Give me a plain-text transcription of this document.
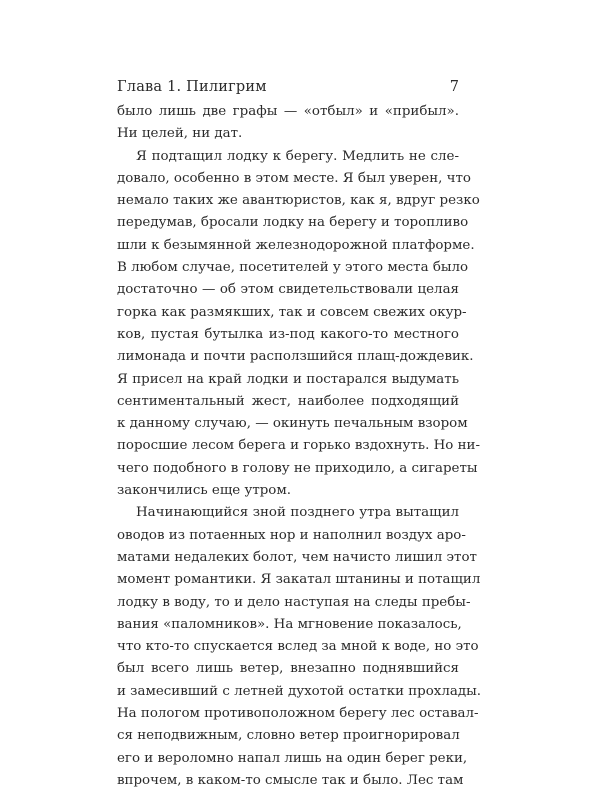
Глава 1. Пилигрим	7

было лишь две графы — «отбыл» и «прибыл».
Ни целей, ни дат.

Я подтащил лодку к берегу. Медлить не сле-
довало, особенно в этом месте. Я был уверен, что
немало таких же авантюристов, как я, вдруг резко
передумав, бросали лодку на берегу и торопливо
шли к безымянной железнодорожной платформе.
В любом случае, посетителей у этого места было
достаточно — об этом свидетельствовали целая
горка как размякших, так и совсем свежих окур-
ков, пустая бутылка из-под какого-то местного
лимонада и почти расползшийся плащ-дождевик.
Я присел на край лодки и постарался выдумать
сентиментальный жест, наиболее подходящий
к данному случаю, — окинуть печальным взором
поросшие лесом берега и горько вздохнуть. Но ни-
чего подобного в голову не приходило, а сигареты
закончились еще утром.

Начинающийся зной позднего утра вытащил
оводов из потаенных нор и наполнил воздух аро-
матами недалеких болот, чем начисто лишил этот
момент романтики. Я закатал штанины и потащил
лодку в воду, то и дело наступая на следы пребы-
вания «паломников». На мгновение показалось,
что кто-то спускается вслед за мной к воде, но это
был всего лишь ветер, внезапно поднявшийся
и замесивший с летней духотой остатки прохлады.
На пологом противоположном берегу лес оставал-
ся неподвижным, словно ветер проигнорировал
его и вероломно напал лишь на один берег реки,
впрочем, в каком-то смысле так и было. Лес там
